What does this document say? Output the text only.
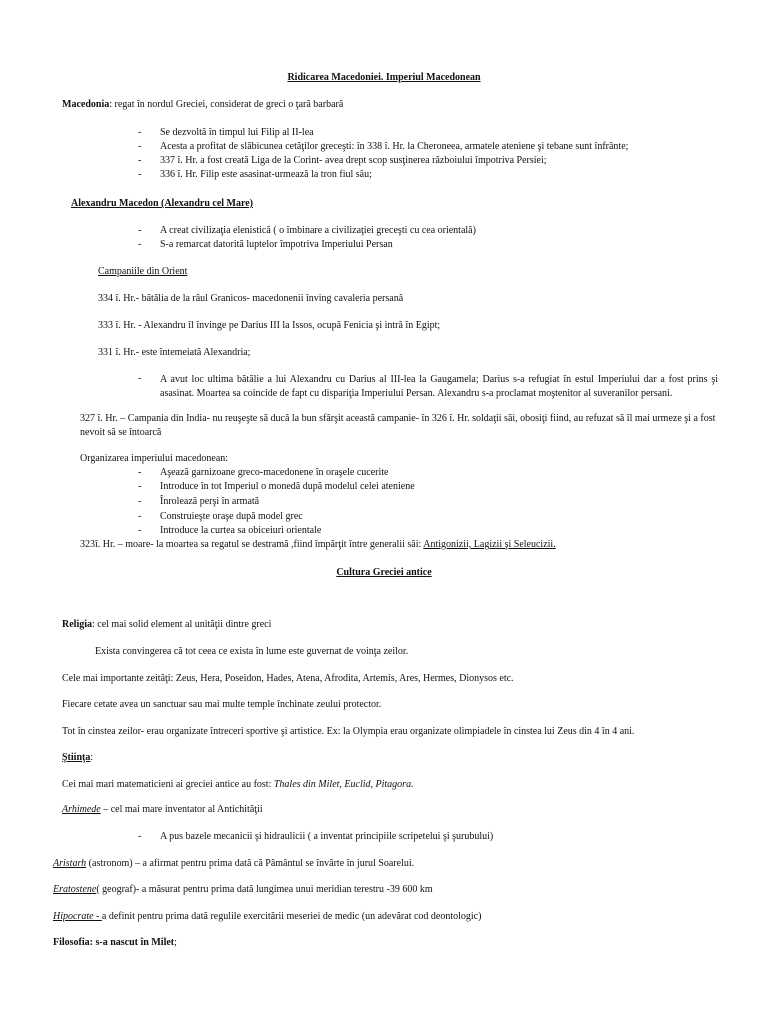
Ridicarea Macedoniei. Imperiul Macedonean
Macedonia: regat în nordul Greciei, considerat de greci o ţară barbară
- Se dezvoltă în timpul lui Filip al II-lea
- Acesta a profitat de slăbicunea cetăţilor greceşti: în 338 î. Hr. la Cheroneea, armatele ateniene şi tebane sunt înfrânte;
- 337 î. Hr. a fost creată Liga de la Corint- avea drept scop susţinerea războiului împotriva Persiei;
- 336 î. Hr. Filip este asasinat-urmează la tron fiul său;
Alexandru Macedon (Alexandru cel Mare)
- A creat civilizaţia elenistică ( o îmbinare a civilizaţiei greceşti cu cea orientală)
- S-a remarcat datorită luptelor împotriva Imperiului Persan
Campaniile din Orient
334 î. Hr.- bătălia de la râul Granicos- macedonenii înving cavaleria persană
333 î. Hr. - Alexandru îl învinge pe Darius III la Issos, ocupă Fenicia şi intră în Egipt;
331 î. Hr.- este întemeiată Alexandria;
- A avut loc ultima bătălie a lui Alexandru cu Darius al III-lea la Gaugamela; Darius s-a refugiat în estul Imperiului dar a fost prins şi asasinat. Moartea sa coincide de fapt cu dispariţia Imperiului Persan. Alexandru s-a proclamat moştenitor al suveranilor persani.
327 î. Hr. – Campania din India- nu reuşeşte să ducă la bun sfârşit această campanie- în 326 î. Hr. soldaţii săi, obosiţi fiind, au refuzat să îl mai urmeze şi a fost nevoit să se întoarcă
Organizarea imperiului macedonean:
- Aşează garnizoane greco-macedonene în oraşele cucerite
- Introduce în tot Imperiul o monedă după modelul celei ateniene
- Înrolează perşi în armată
- Construieşte oraşe după model grec
- Introduce la curtea sa obiceiuri orientale
323î. Hr. – moare- la moartea sa regatul se destramă ,fiind împărţit între generalii săi: Antigonizii, Lagizii şi Seleucizii.
Cultura Greciei antice
Religia: cel mai solid element al unităţii dintre greci
Exista convingerea că tot ceea ce exista în lume este guvernat de voinţa zeilor.
Cele mai importante zeităţi: Zeus, Hera, Poseidon, Hades, Atena, Afrodita, Artemis, Ares, Hermes, Dionysos etc.
Fiecare cetate avea un sanctuar sau mai multe temple închinate zeului protector.
Tot în cinstea zeilor- erau organizate întreceri sportive şi artistice. Ex: la Olympia erau organizate olimpiadele în cinstea lui Zeus din 4 în 4 ani.
Ştiinţa:
Cei mai mari matematicieni ai greciei antice au fost: Thales din Milet, Euclid, Pitagora.
Arhimede – cel mai mare inventator al Antichităţii
- A pus bazele mecanicii şi hidraulicii ( a inventat principiile scripetelui şi şurubului)
Aristarh (astronom) – a afirmat pentru prima dată că Pământul se învârte în jurul Soarelui.
Eratostene( geograf)- a măsurat pentru prima dată lungimea unui meridian terestru -39 600 km
Hipocrate - a definit pentru prima dată regulile exercitării meseriei de medic (un adevărat cod deontologic)
Filosofia: s-a nascut în Milet;
